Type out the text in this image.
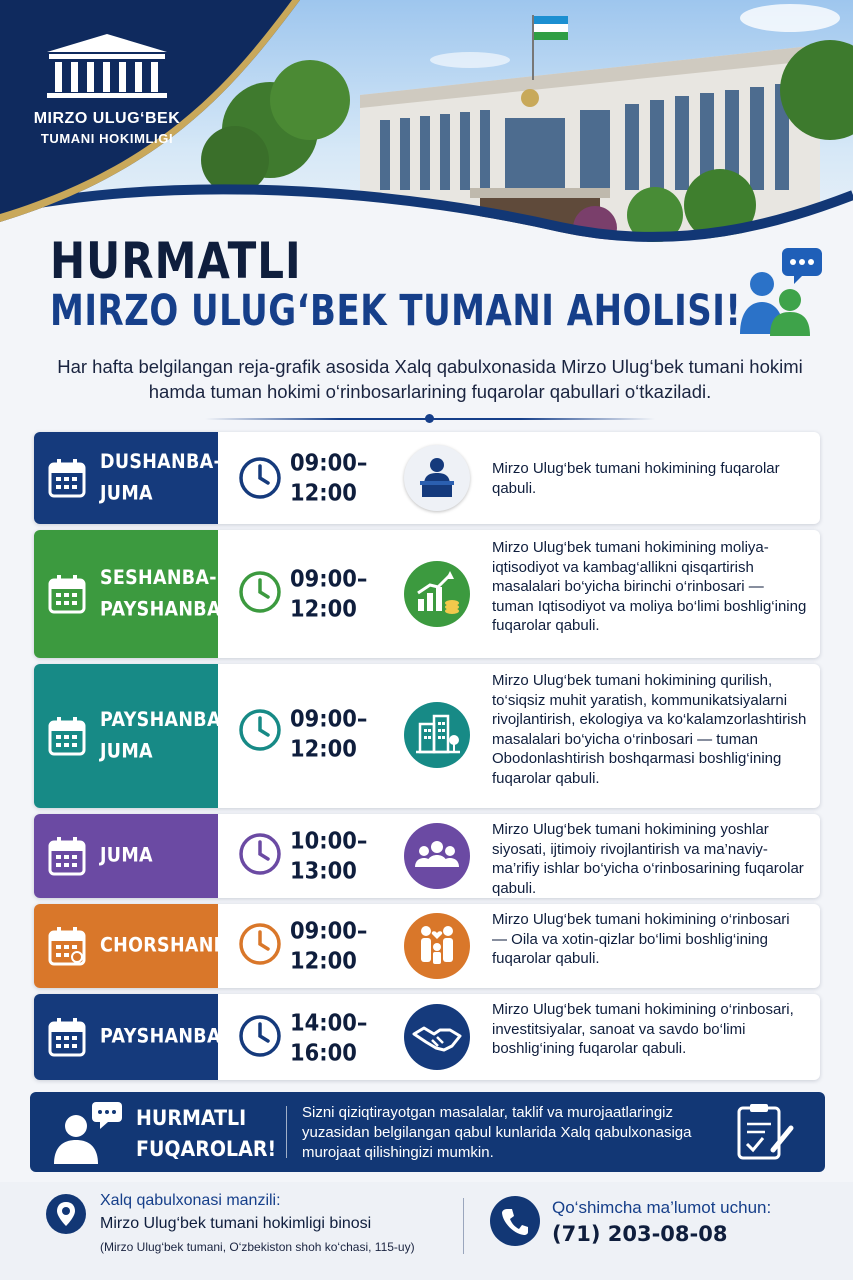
MIRZO ULUG‘BEK
TUMANI HOKIMLIGI
HURMATLI
MIRZO ULUG‘BEK TUMANI AHOLISI!
Har hafta belgilangan reja-grafik asosida Xalq qabulxonasida Mirzo Ulug‘bek tumani hokimi hamda tuman hokimi o‘rinbosarlarining fuqarolar qabullari o‘tkaziladi.
DUSHANBA-
JUMA
09:00–
12:00
Mirzo Ulug‘bek tumani hokimining fuqarolar qabuli.
SESHANBA-
PAYSHANBA
09:00–
12:00
Mirzo Ulug‘bek tumani hokimining moliya-iqtisodiyot va kambag‘allikni qisqartirish masalalari bo‘yicha birinchi o‘rinbosari — tuman Iqtisodiyot va moliya bo‘limi boshlig‘ining fuqarolar qabuli.
PAYSHANBA-
JUMA
09:00–
12:00
Mirzo Ulug‘bek tumani hokimining qurilish, to‘siqsiz muhit yaratish, kommunikatsiyalarni rivojlantirish, ekologiya va ko‘kalamzorlashtirish masalalari bo‘yicha o‘rinbosari — tuman Obodonlashtirish boshqarmasi boshlig‘ining fuqarolar qabuli.
JUMA
10:00–
13:00
Mirzo Ulug‘bek tumani hokimining yoshlar siyosati, ijtimoiy rivojlantirish va ma’naviy-ma’rifiy ishlar bo‘yicha o‘rinbosarining fuqarolar qabuli.
CHORSHANBA
09:00–
12:00
Mirzo Ulug‘bek tumani hokimining o‘rinbosari — Oila va xotin-qizlar bo‘limi boshlig‘ining fuqarolar qabuli.
PAYSHANBA
14:00–
16:00
Mirzo Ulug‘bek tumani hokimining o‘rinbosari, investitsiyalar, sanoat va savdo bo‘limi boshlig‘ining fuqarolar qabuli.
HURMATLI
FUQAROLAR!
Sizni qiziqtirayotgan masalalar, taklif va murojaatlaringiz yuzasidan belgilangan qabul kunlarida Xalq qabulxonasiga murojaat qilishingizi mumkin.
Xalq qabulxonasi manzili:
Mirzo Ulug‘bek tumani hokimligi binosi
(Mirzo Ulug‘bek tumani, O‘zbekiston shoh ko‘chasi, 115-uy)
Qo‘shimcha ma’lumot uchun:
(71) 203-08-08
